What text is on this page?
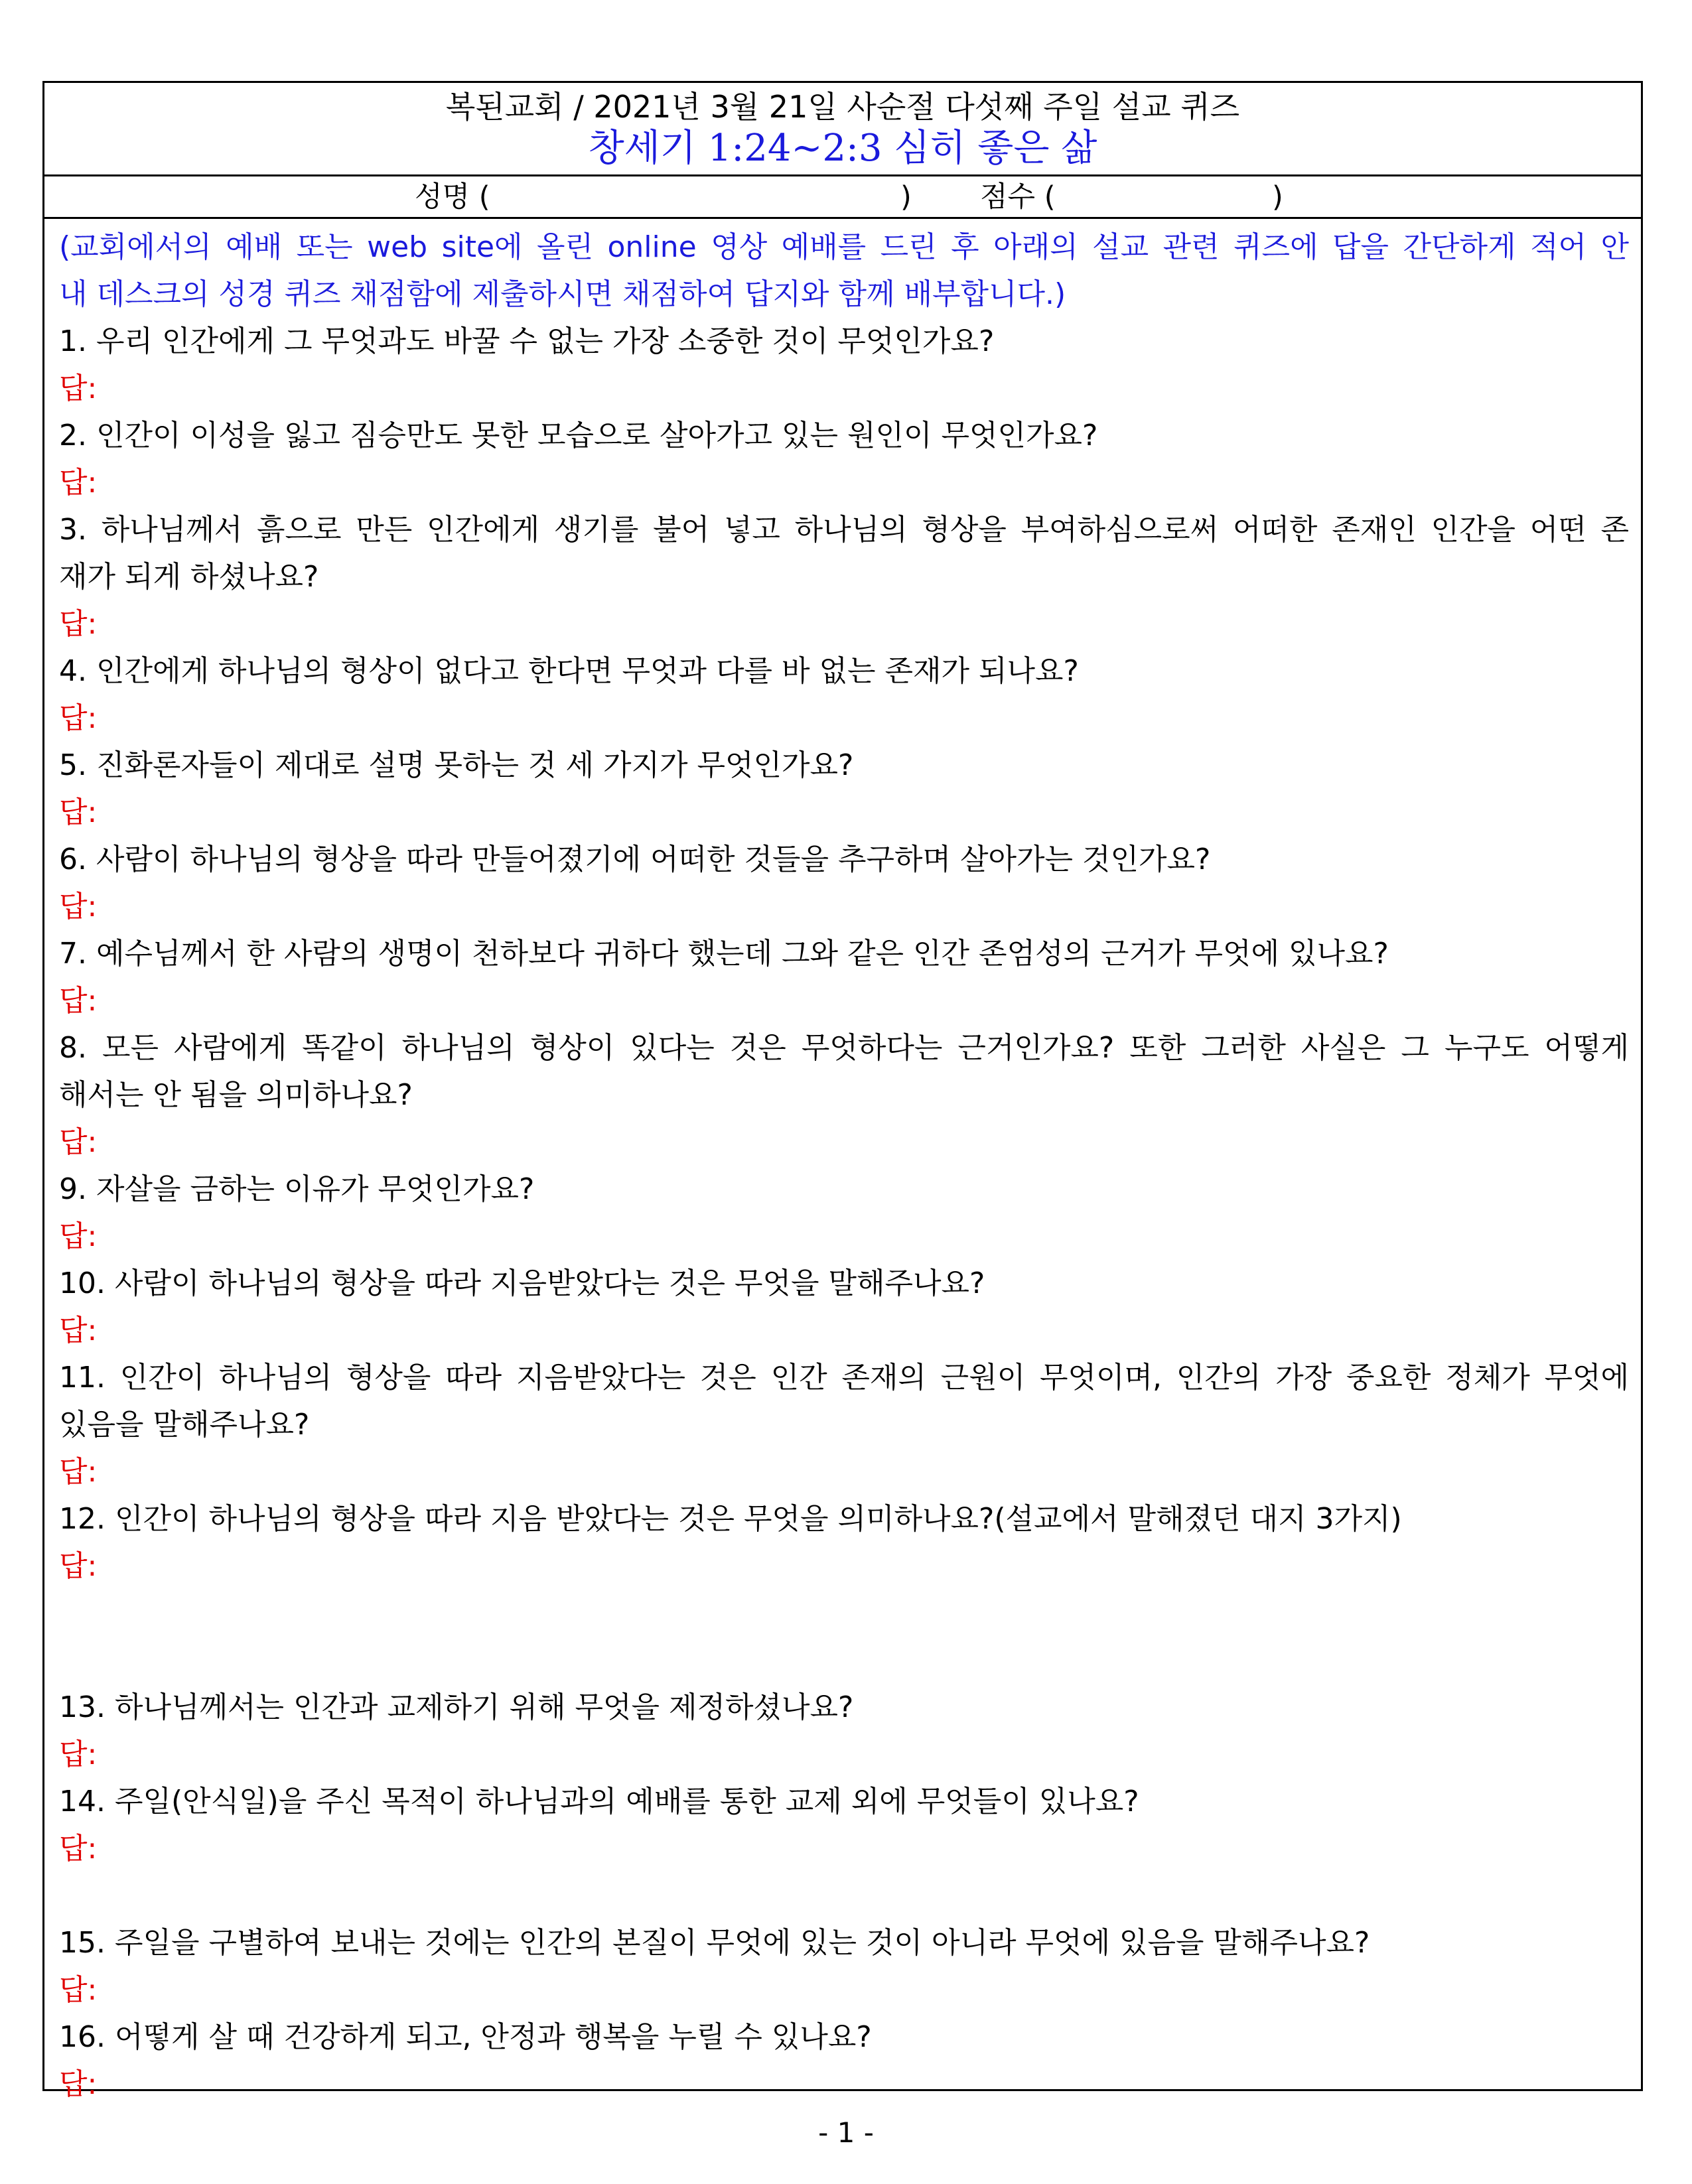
복된교회 / 2021년 3월 21일 사순절 다섯째 주일 설교 퀴즈
창세기 1:24~2:3 심히 좋은 삶
성명 (	) 점수 (	)
(교회에서의 예배 또는 web site에 올린 online 영상 예배를 드린 후 아래의 설교 관련 퀴즈에 답을 간단하게 적어 안
내 데스크의 성경 퀴즈 채점함에 제출하시면 채점하여 답지와 함께 배부합니다.)
1. 우리 인간에게 그 무엇과도 바꿀 수 없는 가장 소중한 것이 무엇인가요?
답:
2. 인간이 이성을 잃고 짐승만도 못한 모습으로 살아가고 있는 원인이 무엇인가요?
답:
3. 하나님께서 흙으로 만든 인간에게 생기를 불어 넣고 하나님의 형상을 부여하심으로써 어떠한 존재인 인간을 어떤 존
재가 되게 하셨나요?
답:
4. 인간에게 하나님의 형상이 없다고 한다면 무엇과 다를 바 없는 존재가 되나요?
답:
5. 진화론자들이 제대로 설명 못하는 것 세 가지가 무엇인가요?
답:
6. 사람이 하나님의 형상을 따라 만들어졌기에 어떠한 것들을 추구하며 살아가는 것인가요?
답:
7. 예수님께서 한 사람의 생명이 천하보다 귀하다 했는데 그와 같은 인간 존엄성의 근거가 무엇에 있나요?
답:
8. 모든 사람에게 똑같이 하나님의 형상이 있다는 것은 무엇하다는 근거인가요? 또한 그러한 사실은 그 누구도 어떻게
해서는 안 됨을 의미하나요?
답:
9. 자살을 금하는 이유가 무엇인가요?
답:
10. 사람이 하나님의 형상을 따라 지음받았다는 것은 무엇을 말해주나요?
답:
11. 인간이 하나님의 형상을 따라 지음받았다는 것은 인간 존재의 근원이 무엇이며, 인간의 가장 중요한 정체가 무엇에
있음을 말해주나요?
답:
12. 인간이 하나님의 형상을 따라 지음 받았다는 것은 무엇을 의미하나요?(설교에서 말해졌던 대지 3가지)
답:
13. 하나님께서는 인간과 교제하기 위해 무엇을 제정하셨나요?
답:
14. 주일(안식일)을 주신 목적이 하나님과의 예배를 통한 교제 외에 무엇들이 있나요?
답:
15. 주일을 구별하여 보내는 것에는 인간의 본질이 무엇에 있는 것이 아니라 무엇에 있음을 말해주나요?
답:
16. 어떻게 살 때 건강하게 되고, 안정과 행복을 누릴 수 있나요?
답:
- 1 -
